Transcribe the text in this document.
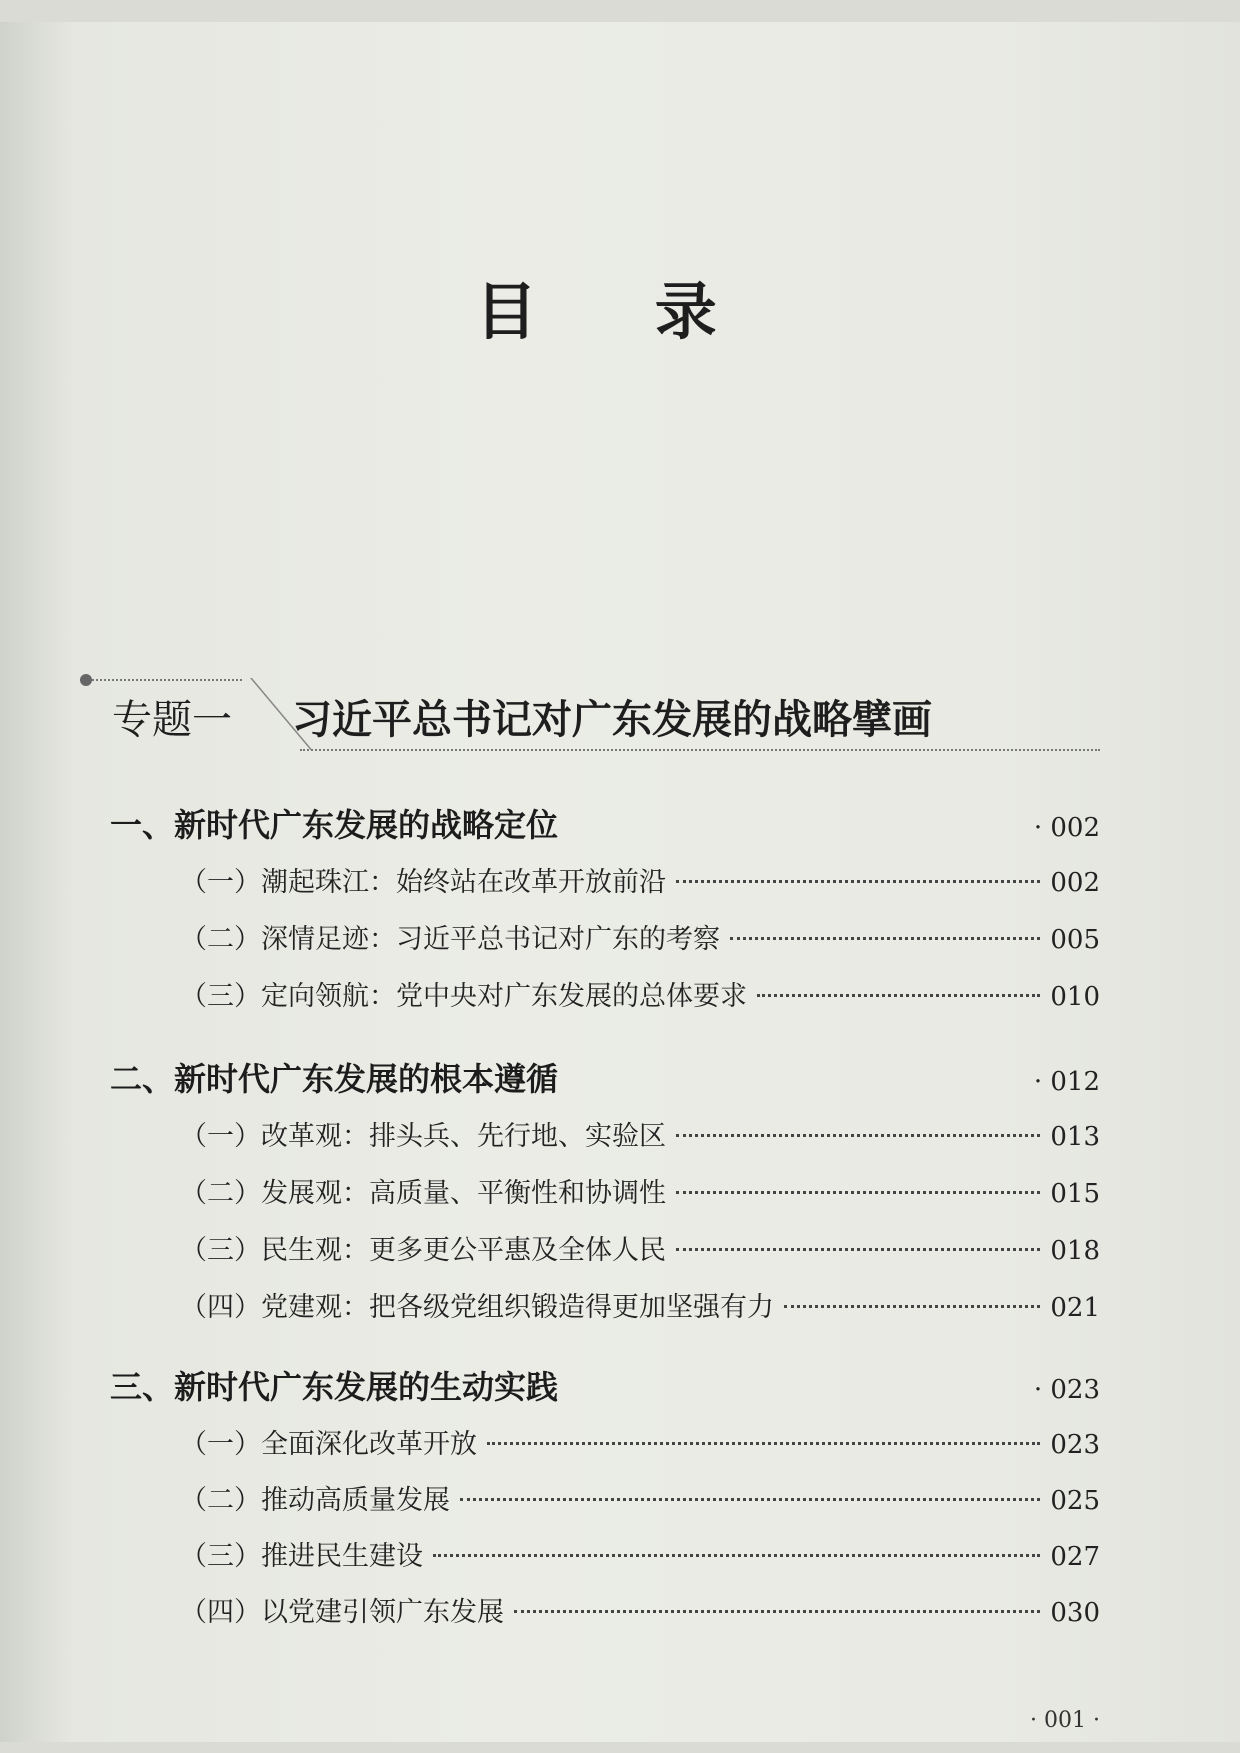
目 录
专题一 习近平总书记对广东发展的战略擘画
一、新时代广东发展的战略定位	· 002
（一）潮起珠江：始终站在改革开放前沿	002
（二）深情足迹：习近平总书记对广东的考察	005
（三）定向领航：党中央对广东发展的总体要求	010
二、新时代广东发展的根本遵循	· 012
（一）改革观：排头兵、先行地、实验区	013
（二）发展观：高质量、平衡性和协调性	015
（三）民生观：更多更公平惠及全体人民	018
（四）党建观：把各级党组织锻造得更加坚强有力	021
三、新时代广东发展的生动实践	· 023
（一）全面深化改革开放	023
（二）推动高质量发展	025
（三）推进民生建设	027
（四）以党建引领广东发展	030
· 001 ·
